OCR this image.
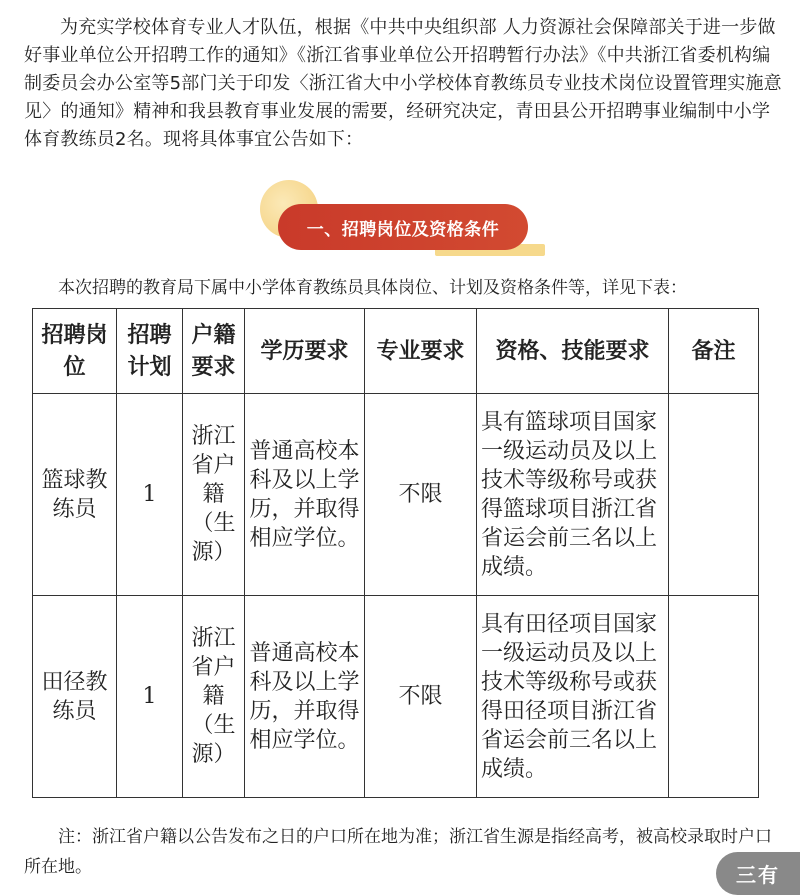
为充实学校体育专业人才队伍，根据《中共中央组织部 人力资源社会保障部关于进一步做好事业单位公开招聘工作的通知》《浙江省事业单位公开招聘暂行办法》《中共浙江省委机构编制委员会办公室等5部门关于印发〈浙江省大中小学校体育教练员专业技术岗位设置管理实施意见〉的通知》精神和我县教育事业发展的需要，经研究决定，青田县公开招聘事业编制中小学体育教练员2名。现将具体事宜公告如下：

一、招聘岗位及资格条件

本次招聘的教育局下属中小学体育教练员具体岗位、计划及资格条件等，详见下表：

招聘岗位	招聘计划	户籍要求	学历要求	专业要求	资格、技能要求	备注
篮球教练员	1	浙江省户籍（生源）	普通高校本科及以上学历，并取得相应学位。	不限	具有篮球项目国家一级运动员及以上技术等级称号或获得篮球项目浙江省省运会前三名以上成绩。	
田径教练员	1	浙江省户籍（生源）	普通高校本科及以上学历，并取得相应学位。	不限	具有田径项目国家一级运动员及以上技术等级称号或获得田径项目浙江省省运会前三名以上成绩。	

注：浙江省户籍以公告发布之日的户口所在地为准；浙江省生源是指经高考，被高校录取时户口所在地。	三有
